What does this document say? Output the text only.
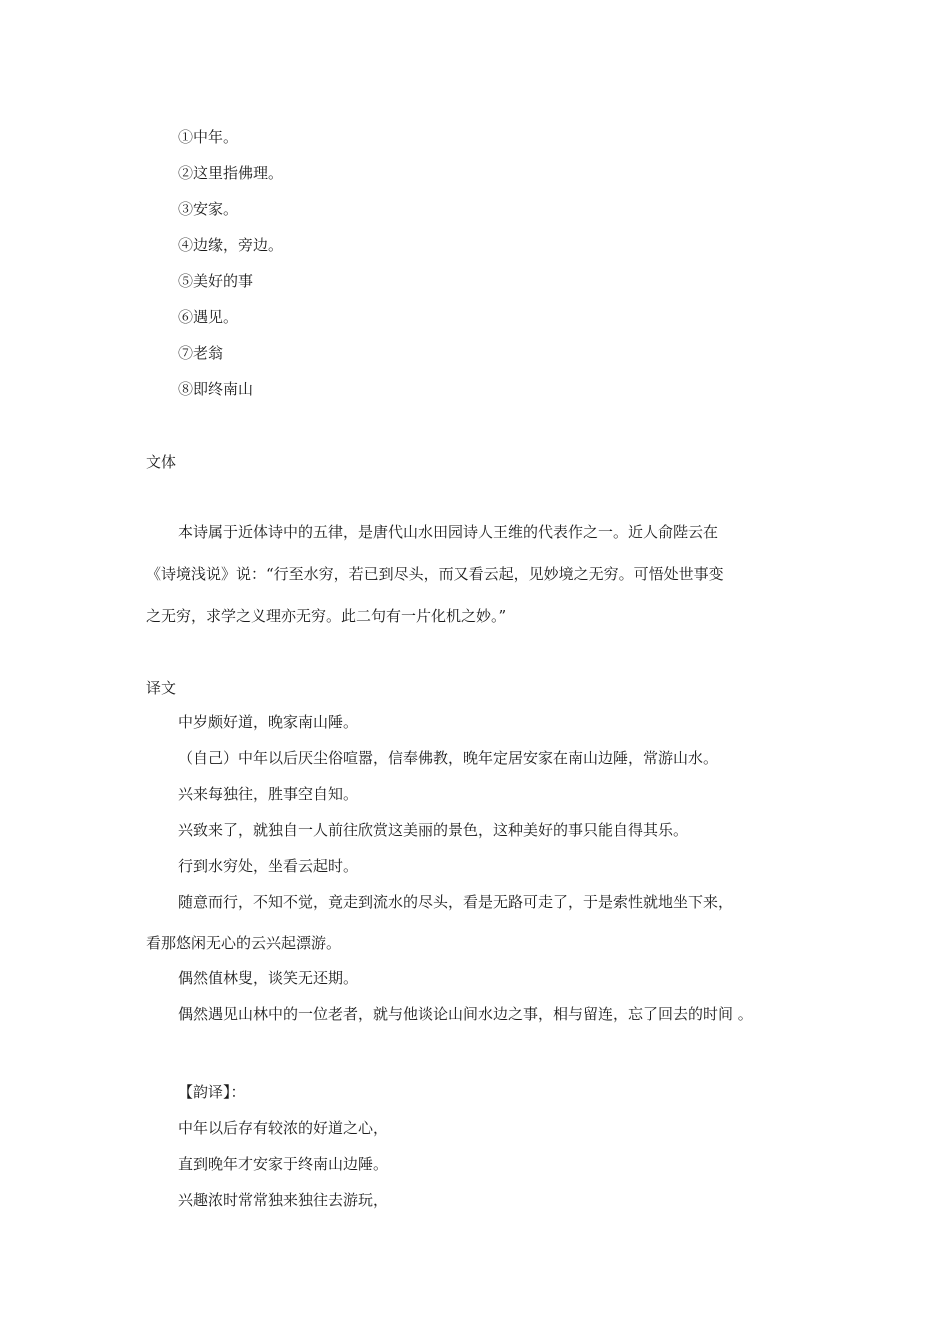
①中年。
②这里指佛理。
③安家。
④边缘，旁边。
⑤美好的事
⑥遇见。
⑦老翁
⑧即终南山
文体
本诗属于近体诗中的五律，是唐代山水田园诗人王维的代表作之一。近人俞陛云在
《诗境浅说》说：“行至水穷，若已到尽头，而又看云起，见妙境之无穷。可悟处世事变
之无穷，求学之义理亦无穷。此二句有一片化机之妙。”
译文
中岁颇好道，晚家南山陲。
（自己）中年以后厌尘俗喧嚣，信奉佛教，晚年定居安家在南山边陲，常游山水。
兴来每独往，胜事空自知。
兴致来了，就独自一人前往欣赏这美丽的景色，这种美好的事只能自得其乐。
行到水穷处，坐看云起时。
随意而行，不知不觉，竟走到流水的尽头，看是无路可走了，于是索性就地坐下来，
看那悠闲无心的云兴起漂游。
偶然值林叟，谈笑无还期。
偶然遇见山林中的一位老者，就与他谈论山间水边之事，相与留连，忘了回去的时间 。
【韵译】：
中年以后存有较浓的好道之心，
直到晚年才安家于终南山边陲。
兴趣浓时常常独来独往去游玩，
